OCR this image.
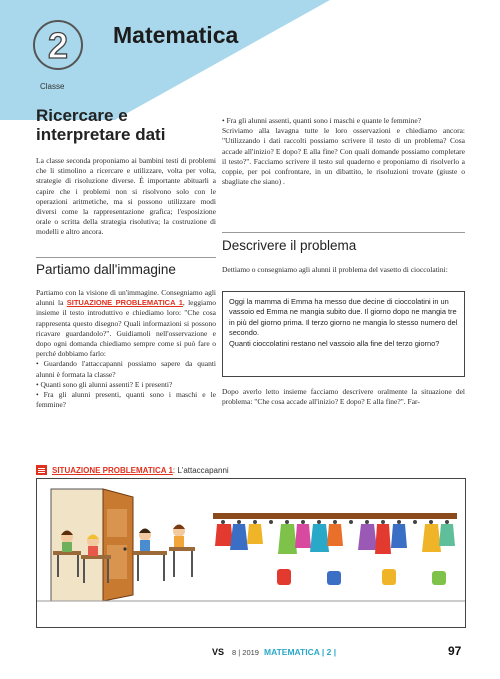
2
Classe
Matematica
Ricercare e
interpretare dati

La classe seconda proponiamo ai bambini testi di problemi che li stimolino a ricercare e utilizzare, volta per volta, strategie di risoluzione diverse. È importante abituarli a capire che i problemi non si risolvono solo con le operazioni aritmetiche, ma si possono utilizzare modi diversi come la rappresentazione grafica; l'esposizione orale o scritta della strategia risolutiva; la costruzione di modelli e altro ancora.

Partiamo dall'immagine

Partiamo con la visione di un'immagine. Consegniamo agli alunni la SITUAZIONE PROBLEMATICA 1, leggiamo insieme il testo introduttivo e chiediamo loro: "Che cosa rappresenta questo disegno? Quali informazioni si possono ricavare guardandolo?". Guidiamoli nell'osservazione e dopo ogni domanda chiediamo sempre come si può fare o perché dobbiamo farlo:

• Guardando l'attaccapanni possiamo sapere da quanti alunni è formata la classe?

• Quanti sono gli alunni assenti? E i presenti?

• Fra gli alunni presenti, quanti sono i maschi e le femmine?

• Fra gli alunni assenti, quanti sono i maschi e quante le femmine?

Scriviamo alla lavagna tutte le loro osservazioni e chiediamo ancora: "Utilizzando i dati raccolti possiamo scrivere il testo di un problema? Cosa accade all'inizio? E dopo? E alla fine? Con quali domande possiamo completare il testo?". Facciamo scrivere il testo sul quaderno e proponiamo di risolverlo a coppie, per poi confrontare, in un dibattito, le risoluzioni trovate (giuste o sbagliate che siano) .

Descrivere il problema

Dettiamo o consegniamo agli alunni il problema del vasetto di cioccolatini:

Oggi la mamma di Emma ha messo due decine di cioccolatini in un vassoio ed Emma ne mangia subito due. Il giorno dopo ne mangia tre in più del giorno prima. Il terzo giorno ne mangia lo stesso numero del secondo.
Quanti cioccolatini restano nel vassoio alla fine del terzo giorno?

Dopo averlo letto insieme facciamo descrivere oralmente la situazione del problema: "Che cosa accade all'inizio? E dopo? E alla fine?". Far-

SITUAZIONE PROBLEMATICA 1: L'attaccapanni
VS 8 | 2019 MATEMATICA | 2 |	97
